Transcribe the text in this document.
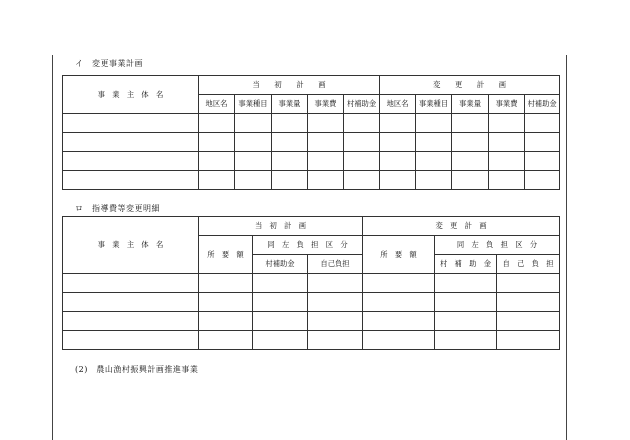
イ　変更事業計画
事　業　主　体　名	当　　初　　計　　画					変　　更　　計　　画				
	地区名	事業種目	事業量	事業費	村補助金	地区名	事業種目	事業量	事業費	村補助金

ロ　指導費等変更明細
事　業　主　体　名	当　初　計　画			変　更　計　画		
	所　要　額	同　左　負　担　区　分		所　要　額	同　左　負　担　区　分	
		村補助金	自己負担		村　補　助　金	自　己　負　担

(2)　農山漁村振興計画推進事業
